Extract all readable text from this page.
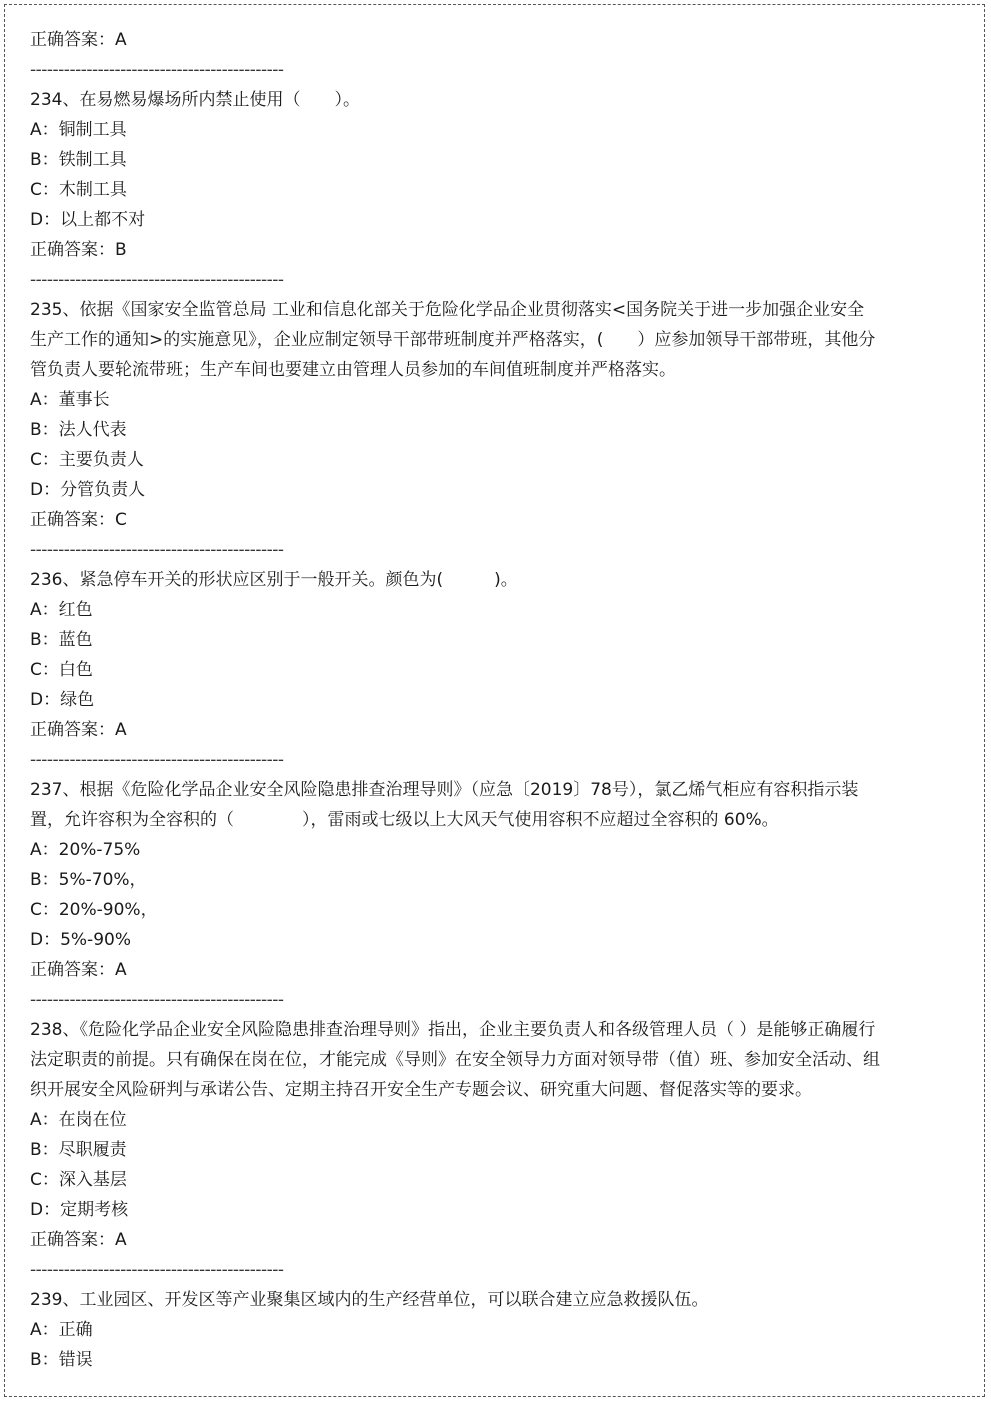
正确答案：A
---------------------------------------------
234、在易燃易爆场所内禁止使用（　　）。
A：铜制工具
B：铁制工具
C：木制工具
D：以上都不对
正确答案：B
---------------------------------------------
235、依据《国家安全监管总局 工业和信息化部关于危险化学品企业贯彻落实<国务院关于进一步加强企业安全生产工作的通知>的实施意见》，企业应制定领导干部带班制度并严格落实，(　　）应参加领导干部带班，其他分管负责人要轮流带班；生产车间也要建立由管理人员参加的车间值班制度并严格落实。
A：董事长
B：法人代表
C：主要负责人
D：分管负责人
正确答案：C
---------------------------------------------
236、紧急停车开关的形状应区别于一般开关。颜色为(　　　)。
A：红色
B：蓝色
C：白色
D：绿色
正确答案：A
---------------------------------------------
237、根据《危险化学品企业安全风险隐患排查治理导则》（应急〔2019〕78号），氯乙烯气柜应有容积指示装置，允许容积为全容积的（　　　　），雷雨或七级以上大风天气使用容积不应超过全容积的 60%。
A：20%-75%
B：5%-70%，
C：20%-90%，
D：5%-90%
正确答案：A
---------------------------------------------
238、《危险化学品企业安全风险隐患排查治理导则》指出，企业主要负责人和各级管理人员（ ）是能够正确履行法定职责的前提。只有确保在岗在位，才能完成《导则》在安全领导力方面对领导带（值）班、参加安全活动、组织开展安全风险研判与承诺公告、定期主持召开安全生产专题会议、研究重大问题、督促落实等的要求。
A：在岗在位
B：尽职履责
C：深入基层
D：定期考核
正确答案：A
---------------------------------------------
239、工业园区、开发区等产业聚集区域内的生产经营单位，可以联合建立应急救援队伍。
A：正确
B：错误
